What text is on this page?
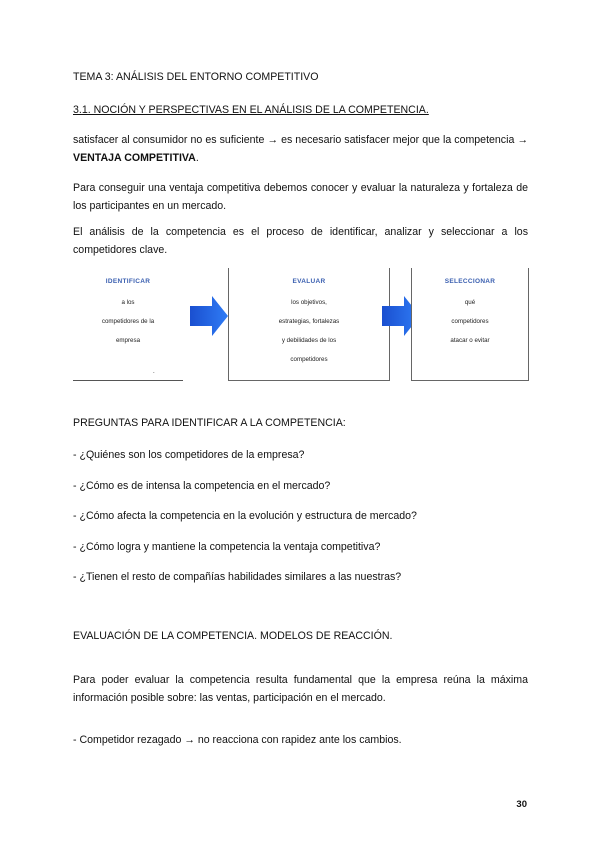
TEMA 3: ANÁLISIS DEL ENTORNO COMPETITIVO
3.1. NOCIÓN Y PERSPECTIVAS EN EL ANÁLISIS DE LA COMPETENCIA.
satisfacer al consumidor no es suficiente → es necesario satisfacer mejor que la competencia → VENTAJA COMPETITIVA.
Para conseguir una ventaja competitiva debemos conocer y evaluar la naturaleza y fortaleza de los participantes en un mercado.
El análisis de la competencia es el proceso de identificar, analizar y seleccionar a los competidores clave.
IDENTIFICAR
a los
competidores de la
empresa
.
EVALUAR
los objetivos,
estrategias, fortalezas
y debilidades de los
competidores
SELECCIONAR
qué
competidores
atacar o evitar
PREGUNTAS PARA IDENTIFICAR A LA COMPETENCIA:
- ¿Quiénes son los competidores de la empresa?
- ¿Cómo es de intensa la competencia en el mercado?
- ¿Cómo afecta la competencia en la evolución y estructura de mercado?
- ¿Cómo logra y mantiene la competencia la ventaja competitiva?
- ¿Tienen el resto de compañías habilidades similares a las nuestras?
EVALUACIÓN DE LA COMPETENCIA. MODELOS DE REACCIÓN.
Para poder evaluar la competencia resulta fundamental que la empresa reúna la máxima información posible sobre: las ventas, participación en el mercado.
- Competidor rezagado → no reacciona con rapidez ante los cambios.
30
